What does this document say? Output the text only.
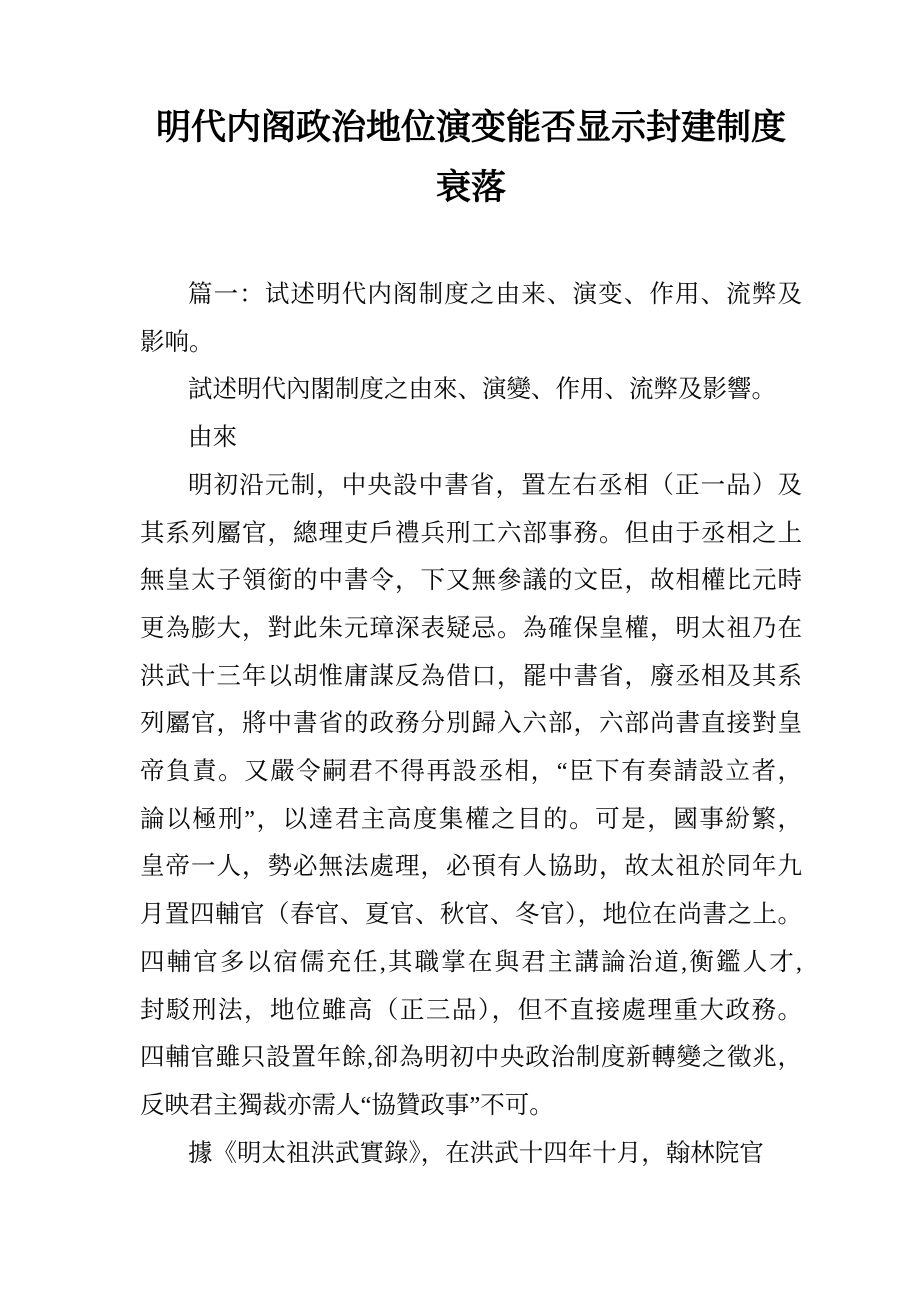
明代内阁政治地位演变能否显示封建制度
衰落
篇一：试述明代内阁制度之由来、演变、作用、流弊及
影响。
試述明代內閣制度之由來、演變、作用、流弊及影響。
由來
明初沿元制，中央設中書省，置左右丞相（正一品）及
其系列屬官，總理吏戶禮兵刑工六部事務。但由于丞相之上
無皇太子領銜的中書令，下又無參議的文臣，故相權比元時
更為膨大，對此朱元璋深表疑忌。為確保皇權，明太祖乃在
洪武十三年以胡惟庸謀反為借口，罷中書省，廢丞相及其系
列屬官，將中書省的政務分別歸入六部，六部尚書直接對皇
帝負責。又嚴令嗣君不得再設丞相，“臣下有奏請設立者，
論以極刑”，以達君主高度集權之目的。可是，國事紛繁，
皇帝一人，勢必無法處理，必頇有人協助，故太祖於同年九
月置四輔官（春官、夏官、秋官、冬官），地位在尚書之上。
四輔官多以宿儒充任,其職掌在與君主講論治道,衡鑑人才,
封駁刑法，地位雖高（正三品），但不直接處理重大政務。
四輔官雖只設置年餘,卻為明初中央政治制度新轉變之徵兆，
反映君主獨裁亦需人“協贊政事”不可。
據《明太祖洪武實錄》，在洪武十四年十月，翰林院官
